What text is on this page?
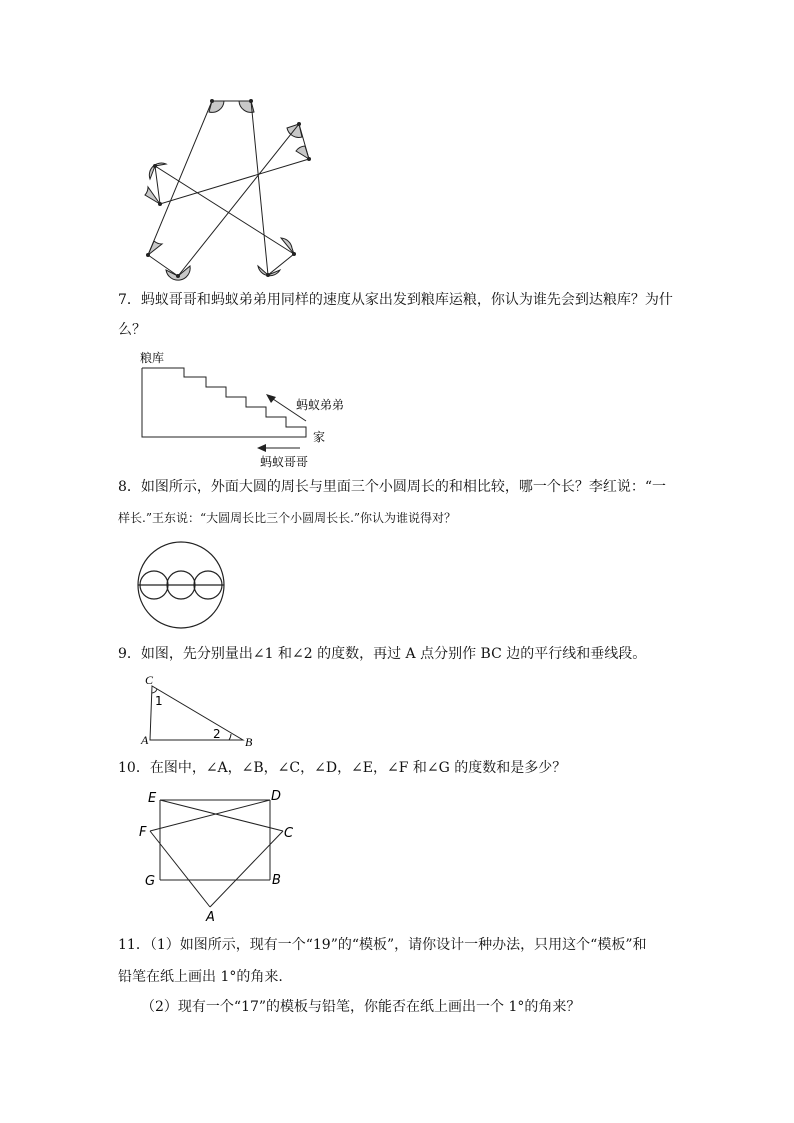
7．蚂蚁哥哥和蚂蚁弟弟用同样的速度从家出发到粮库运粮，你认为谁先会到达粮库？为什
么？
粮库
家
蚂蚁弟弟
蚂蚁哥哥
8．如图所示，外面大圆的周长与里面三个小圆周长的和相比较，哪一个长？李红说：“一
样长.”王东说：“大圆周长比三个小圆周长长.”你认为谁说得对？
9．如图，先分别量出∠1 和∠2 的度数，再过 A 点分别作 BC 边的平行线和垂线段。
C
1
2
A	B
10．在图中，∠A，∠B，∠C，∠D，∠E，∠F 和∠G 的度数和是多少？
E	D
F	C
G	B
A
11．（1）如图所示，现有一个“19”的“模板”，请你设计一种办法，只用这个“模板”和
铅笔在纸上画出 1°的角来.
（2）现有一个“17”的模板与铅笔，你能否在纸上画出一个 1°的角来？
